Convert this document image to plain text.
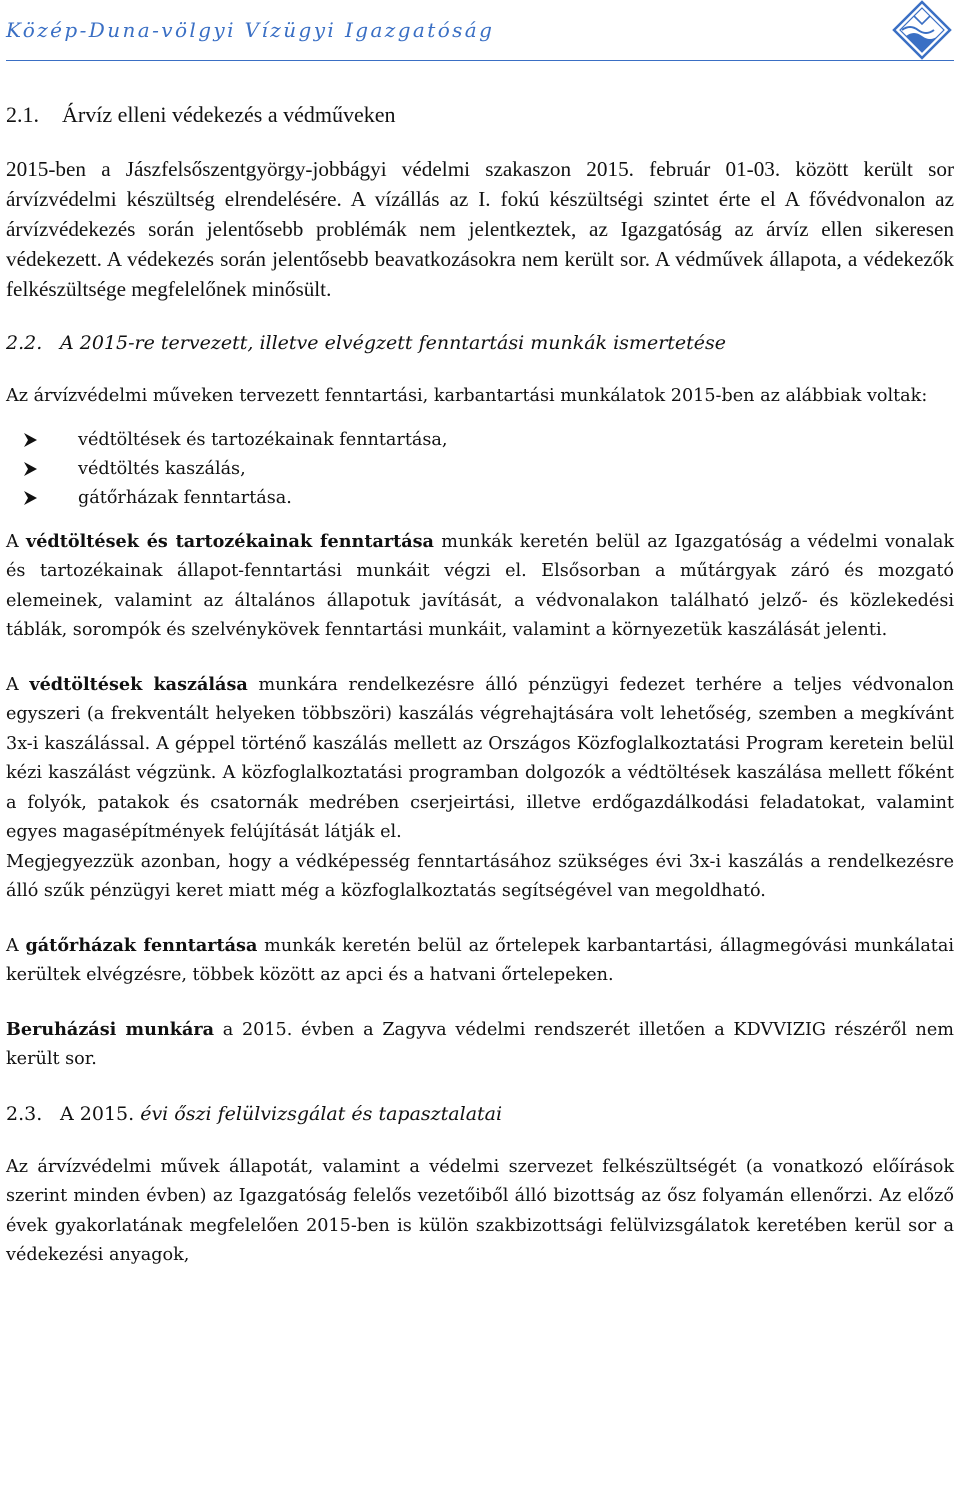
Közép-Duna-völgyi Vízügyi Igazgatóság
2.1.	Árvíz elleni védekezés a védműveken

2015-ben a Jászfelsőszentgyörgy-jobbágyi védelmi szakaszon 2015. február 01-03. között került sor árvízvédelmi készültség elrendelésére. A vízállás az I. fokú készültségi szintet érte el A fővédvonalon az árvízvédekezés során jelentősebb problémák nem jelentkeztek, az Igazgatóság az árvíz ellen sikeresen védekezett. A védekezés során jelentősebb beavatkozásokra nem került sor. A védművek állapota, a védekezők felkészültsége megfelelőnek minősült.

2.2. A 2015-re tervezett, illetve elvégzett fenntartási munkák ismertetése

Az árvízvédelmi műveken tervezett fenntartási, karbantartási munkálatok 2015-ben az alábbiak voltak:

védtöltések és tartozékainak fenntartása,
védtöltés kaszálás,
gátőrházak fenntartása.

A védtöltések és tartozékainak fenntartása munkák keretén belül az Igazgatóság a védelmi vonalak és tartozékainak állapot-fenntartási munkáit végzi el. Elsősorban a műtárgyak záró és mozgató elemeinek, valamint az általános állapotuk javítását, a védvonalakon található jelző- és közlekedési táblák, sorompók és szelvénykövek fenntartási munkáit, valamint a környezetük kaszálását jelenti.

A védtöltések kaszálása munkára rendelkezésre álló pénzügyi fedezet terhére a teljes védvonalon egyszeri (a frekventált helyeken többszöri) kaszálás végrehajtására volt lehetőség, szemben a megkívánt 3x-i kaszálással. A géppel történő kaszálás mellett az Országos Közfoglalkoztatási Program keretein belül kézi kaszálást végzünk. A közfoglalkoztatási programban dolgozók a védtöltések kaszálása mellett főként a folyók, patakok és csatornák medrében cserjeirtási, illetve erdőgazdálkodási feladatokat, valamint egyes magasépítmények felújítását látják el.

Megjegyezzük azonban, hogy a védképesség fenntartásához szükséges évi 3x-i kaszálás a rendelkezésre álló szűk pénzügyi keret miatt még a közfoglalkoztatás segítségével van megoldható.

A gátőrházak fenntartása munkák keretén belül az őrtelepek karbantartási, állagmegóvási munkálatai kerültek elvégzésre, többek között az apci és a hatvani őrtelepeken.

Beruházási munkára a 2015. évben a Zagyva védelmi rendszerét illetően a KDVVIZIG részéről nem került sor.

2.3. A 2015. évi őszi felülvizsgálat és tapasztalatai

Az árvízvédelmi művek állapotát, valamint a védelmi szervezet felkészültségét (a vonatkozó előírások szerint minden évben) az Igazgatóság felelős vezetőiből álló bizottság az ősz folyamán ellenőrzi. Az előző évek gyakorlatának megfelelően 2015-ben is külön szakbizottsági felülvizsgálatok keretében kerül sor a védekezési anyagok,
